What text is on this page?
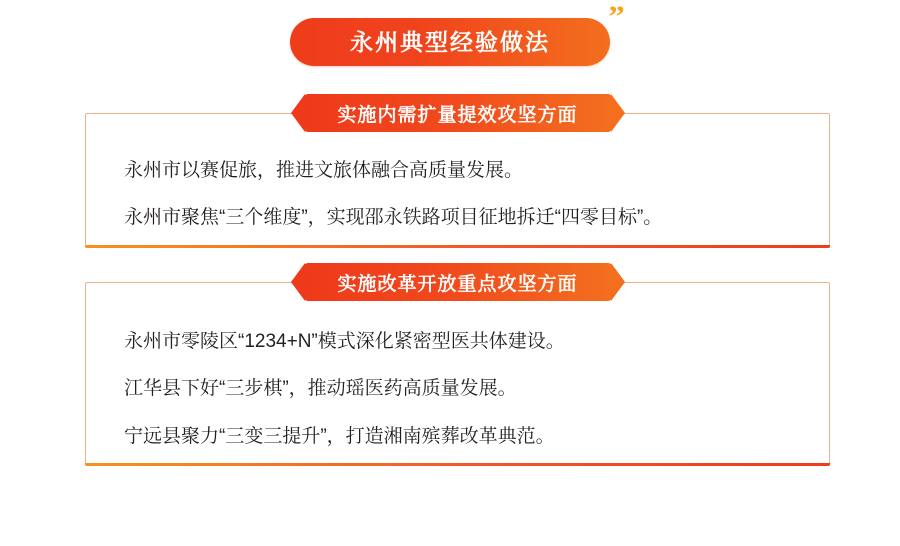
永州典型经验做法
”
实施内需扩量提效攻坚方面
永州市以赛促旅，推进文旅体融合高质量发展。
永州市聚焦“三个维度”，实现邵永铁路项目征地拆迁“四零目标”。
实施改革开放重点攻坚方面
永州市零陵区“1234+N”模式深化紧密型医共体建设。
江华县下好“三步棋”，推动瑶医药高质量发展。
宁远县聚力“三变三提升”，打造湘南殡葬改革典范。
